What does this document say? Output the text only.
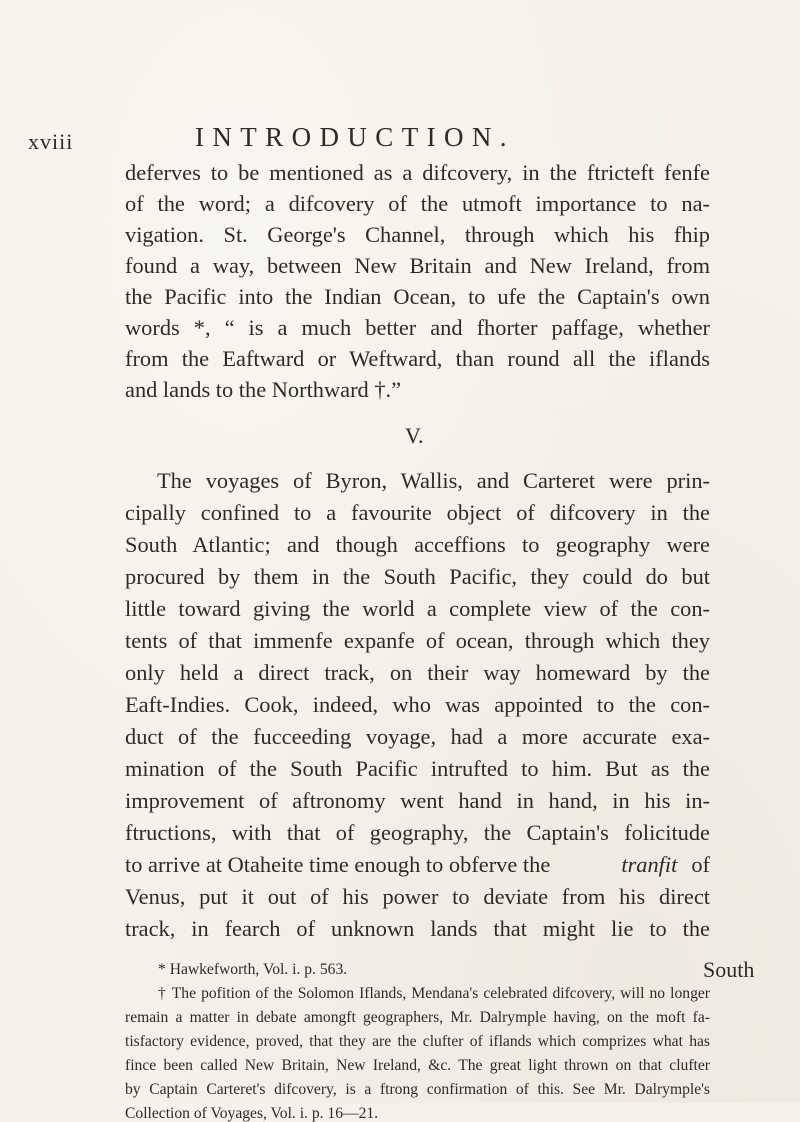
xviii	INTRODUCTION.
deferves to be mentioned as a difcovery, in the ftricteft fenfe
of the word; a difcovery of the utmoft importance to na-
vigation. St. George's Channel, through which his fhip
found a way, between New Britain and New Ireland, from
the Pacific into the Indian Ocean, to ufe the Captain's own
words *, “ is a much better and fhorter paffage, whether
from the Eaftward or Weftward, than round all the iflands
and lands to the Northward †.”
V.
The voyages of Byron, Wallis, and Carteret were prin-
cipally confined to a favourite object of difcovery in the
South Atlantic; and though acceffions to geography were
procured by them in the South Pacific, they could do but
little toward giving the world a complete view of the con-
tents of that immenfe expanfe of ocean, through which they
only held a direct track, on their way homeward by the
Eaft-Indies. Cook, indeed, who was appointed to the con-
duct of the fucceeding voyage, had a more accurate exa-
mination of the South Pacific intrufted to him. But as the
improvement of aftronomy went hand in hand, in his in-
ftructions, with that of geography, the Captain's folicitude
to arrive at Otaheite time enough to obferve the	tranfit of
Venus, put it out of his power to deviate from his direct
track, in fearch of unknown lands that might lie to the
* Hawkefworth, Vol. i. p. 563.
† The pofition of the Solomon Iflands, Mendana's celebrated difcovery, will no longer
remain a matter in debate amongft geographers, Mr. Dalrymple having, on the moft fa-
tisfactory evidence, proved, that they are the clufter of iflands which comprizes what has
fince been called New Britain, New Ireland, &c. The great light thrown on that clufter
by Captain Carteret's difcovery, is a ftrong confirmation of this. See Mr. Dalrymple's
Collection of Voyages, Vol. i. p. 16—21.
South
